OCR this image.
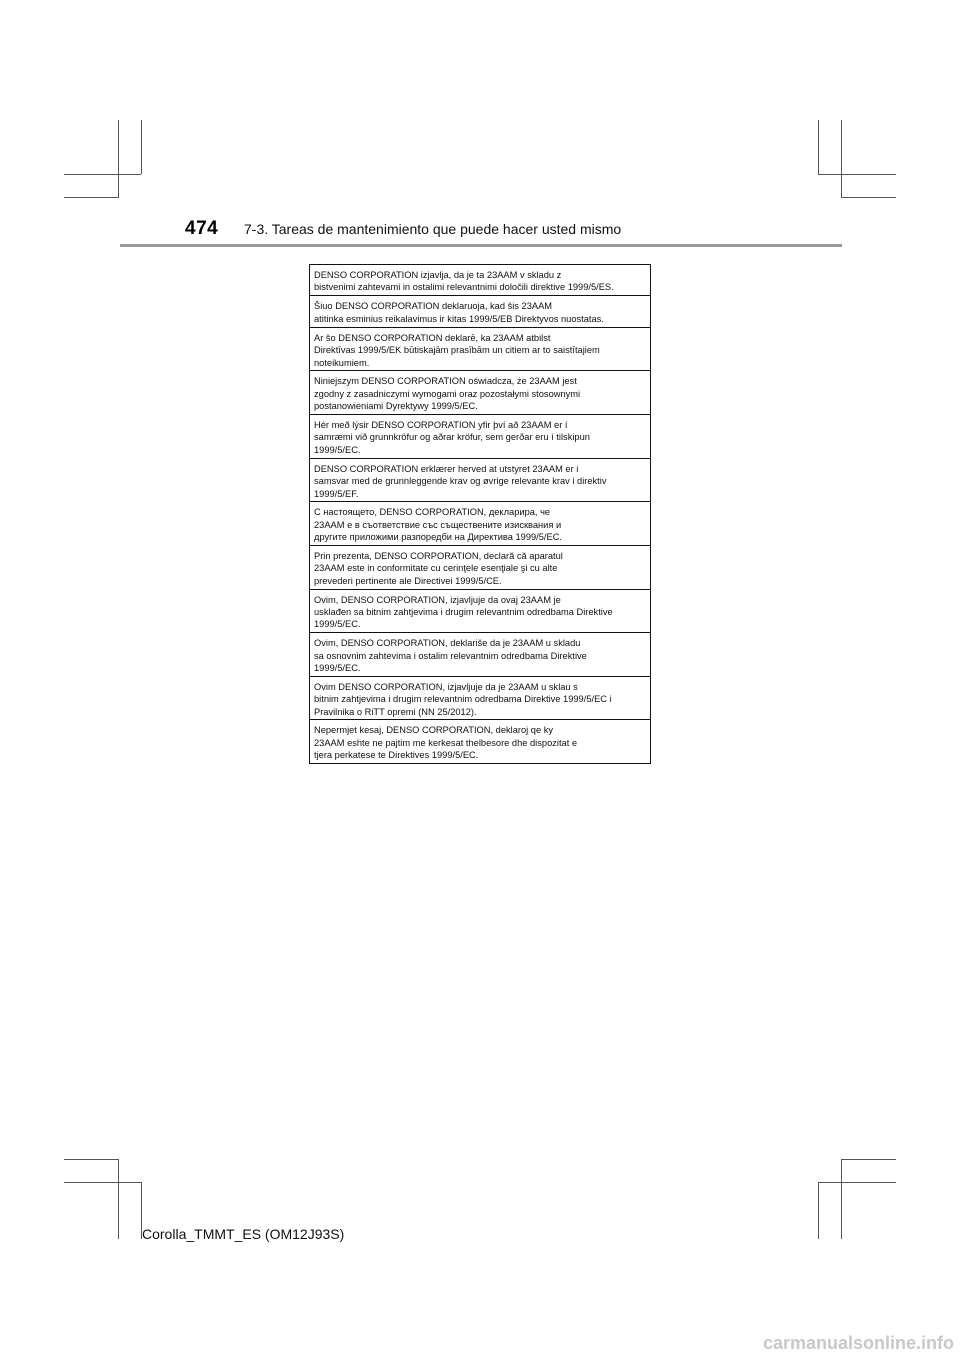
474 7-3. Tareas de mantenimiento que puede hacer usted mismo
DENSO CORPORATION izjavlja, da je ta 23AAM v skladu z
bistvenimi zahtevami in ostalimi relevantnimi določili direktive 1999/5/ES.
Šiuo DENSO CORPORATION deklaruoja, kad šis 23AAM
atitinka esminius reikalavimus ir kitas 1999/5/EB Direktyvos nuostatas.
Ar šo DENSO CORPORATION deklarē, ka 23AAM atbilst
Direktīvas 1999/5/EK būtiskajām prasībām un citiem ar to saistītajiem
noteikumiem.
Niniejszym DENSO CORPORATION oświadcza, że 23AAM jest
zgodny z zasadniczymi wymogami oraz pozostałymi stosownymi
postanowieniami Dyrektywy 1999/5/EC.
Hér með lýsir DENSO CORPORATION yfir því að 23AAM er í
samræmi við grunnkröfur og aðrar kröfur, sem gerðar eru í tilskipun
1999/5/EC.
DENSO CORPORATION erklærer herved at utstyret 23AAM er i
samsvar med de grunnleggende krav og øvrige relevante krav i direktiv
1999/5/EF.
С настоящето, DENSO CORPORATION, декларира, че
23AAM е в съответствие със съществените изисквания и
другите приложими разпоредби на Директива 1999/5/EC.
Prin prezenta, DENSO CORPORATION, declară că aparatul
23AAM este in conformitate cu cerinţele esenţiale şi cu alte
prevederi pertinente ale Directivei 1999/5/CE.
Ovim, DENSO CORPORATION, izjavljuje da ovaj 23AAM je
usklađen sa bitnim zahtjevima i drugim relevantnim odredbama Direktive
1999/5/EC.
Ovim, DENSO CORPORATION, deklariše da je 23AAM u skladu
sa osnovnim zahtevima i ostalim relevantnim odredbama Direktive
1999/5/EC.
Ovim DENSO CORPORATION, izjavljuje da je 23AAM u sklau s
bitnim zahtjevima i drugim relevantnim odredbama Direktive 1999/5/EC i
Pravilnika o RiTT opremi (NN 25/2012).
Nepermjet kesaj, DENSO CORPORATION, deklaroj qe ky
23AAM eshte ne pajtim me kerkesat thelbesore dhe dispozitat e
tjera perkatese te Direktives 1999/5/EC.
Corolla_TMMT_ES (OM12J93S)
carmanualsonline.info
